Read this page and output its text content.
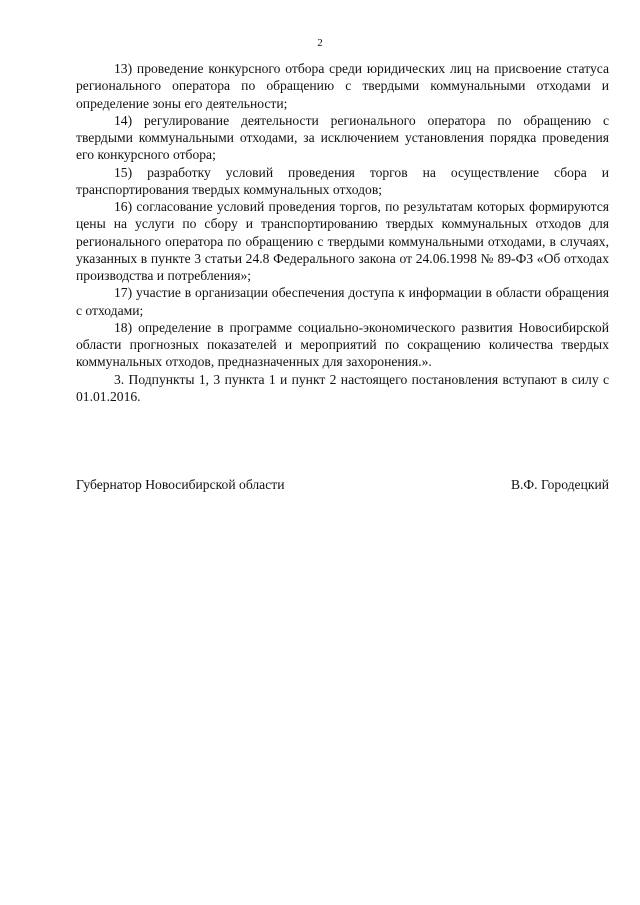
2

13) проведение конкурсного отбора среди юридических лиц на присвоение статуса регионального оператора по обращению с твердыми коммунальными отходами и определение зоны его деятельности;

14) регулирование деятельности регионального оператора по обращению с твердыми коммунальными отходами, за исключением установления порядка проведения его конкурсного отбора;

15) разработку условий проведения торгов на осуществление сбора и транспортирования твердых коммунальных отходов;

16) согласование условий проведения торгов, по результатам которых формируются цены на услуги по сбору и транспортированию твердых коммунальных отходов для регионального оператора по обращению с твердыми коммунальными отходами, в случаях, указанных в пункте 3 статьи 24.8 Федерального закона от 24.06.1998 № 89-ФЗ «Об отходах производства и потребления»;

17) участие в организации обеспечения доступа к информации в области обращения с отходами;

18) определение в программе социально-экономического развития Новосибирской области прогнозных показателей и мероприятий по сокращению количества твердых коммунальных отходов, предназначенных для захоронения.».

3. Подпункты 1, 3 пункта 1 и пункт 2 настоящего постановления вступают в силу с 01.01.2016.

Губернатор Новосибирской области	В.Ф. Городецкий
